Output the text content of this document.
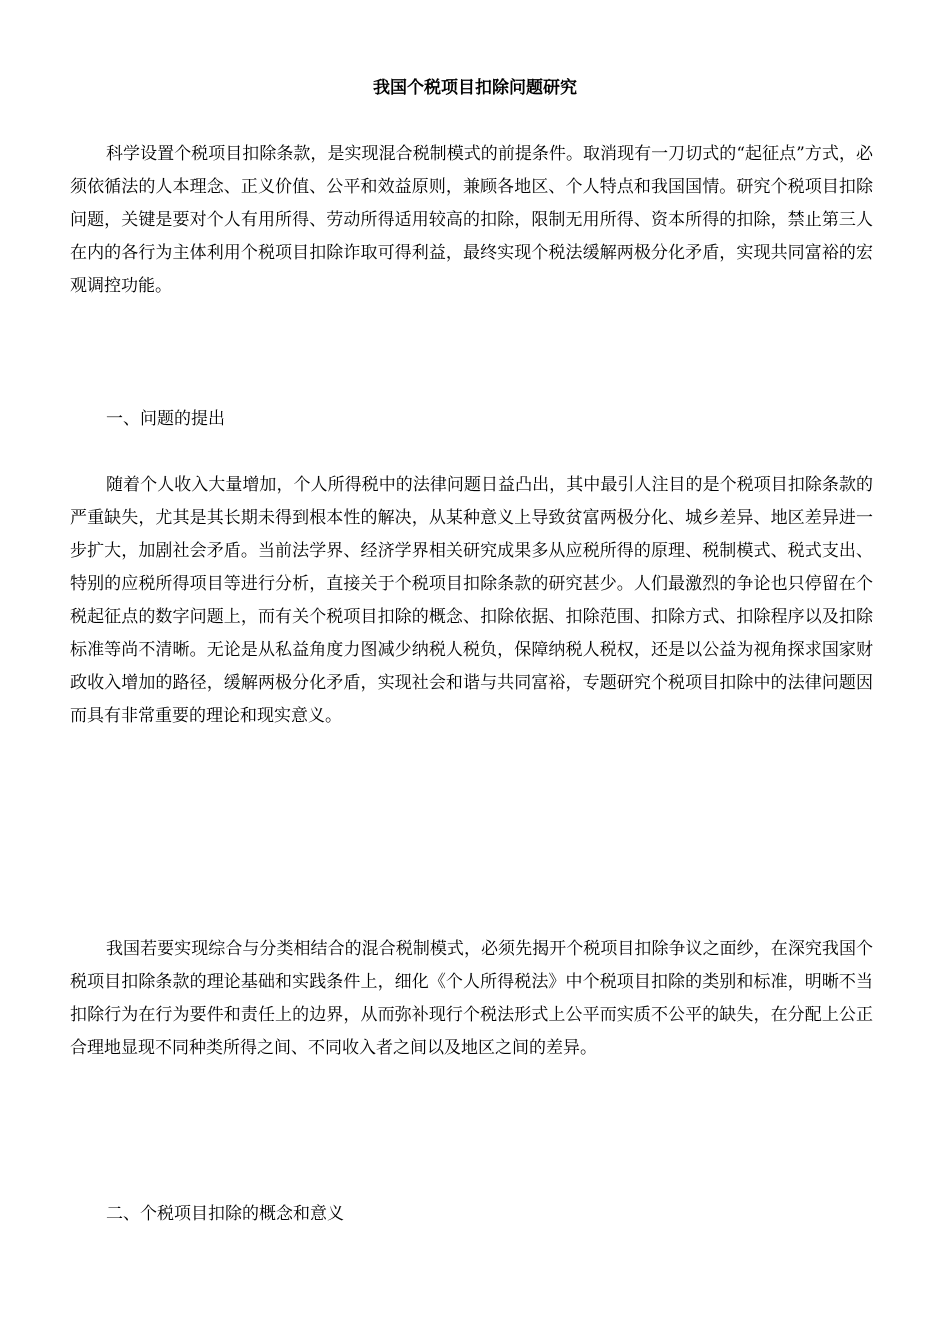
我国个税项目扣除问题研究

科学设置个税项目扣除条款，是实现混合税制模式的前提条件。取消现有一刀切式的“起征点”方式，必须依循法的人本理念、正义价值、公平和效益原则，兼顾各地区、个人特点和我国国情。研究个税项目扣除问题，关键是要对个人有用所得、劳动所得适用较高的扣除，限制无用所得、资本所得的扣除，禁止第三人在内的各行为主体利用个税项目扣除诈取可得利益，最终实现个税法缓解两极分化矛盾，实现共同富裕的宏观调控功能。

一、问题的提出

随着个人收入大量增加，个人所得税中的法律问题日益凸出，其中最引人注目的是个税项目扣除条款的严重缺失，尤其是其长期未得到根本性的解决，从某种意义上导致贫富两极分化、城乡差异、地区差异进一步扩大，加剧社会矛盾。当前法学界、经济学界相关研究成果多从应税所得的原理、税制模式、税式支出、特别的应税所得项目等进行分析，直接关于个税项目扣除条款的研究甚少。人们最激烈的争论也只停留在个税起征点的数字问题上，而有关个税项目扣除的概念、扣除依据、扣除范围、扣除方式、扣除程序以及扣除标准等尚不清晰。无论是从私益角度力图减少纳税人税负，保障纳税人税权，还是以公益为视角探求国家财政收入增加的路径，缓解两极分化矛盾，实现社会和谐与共同富裕，专题研究个税项目扣除中的法律问题因而具有非常重要的理论和现实意义。

我国若要实现综合与分类相结合的混合税制模式，必须先揭开个税项目扣除争议之面纱，在深究我国个税项目扣除条款的理论基础和实践条件上，细化《个人所得税法》中个税项目扣除的类别和标准，明晰不当扣除行为在行为要件和责任上的边界，从而弥补现行个税法形式上公平而实质不公平的缺失，在分配上公正合理地显现不同种类所得之间、不同收入者之间以及地区之间的差异。

二、个税项目扣除的概念和意义
